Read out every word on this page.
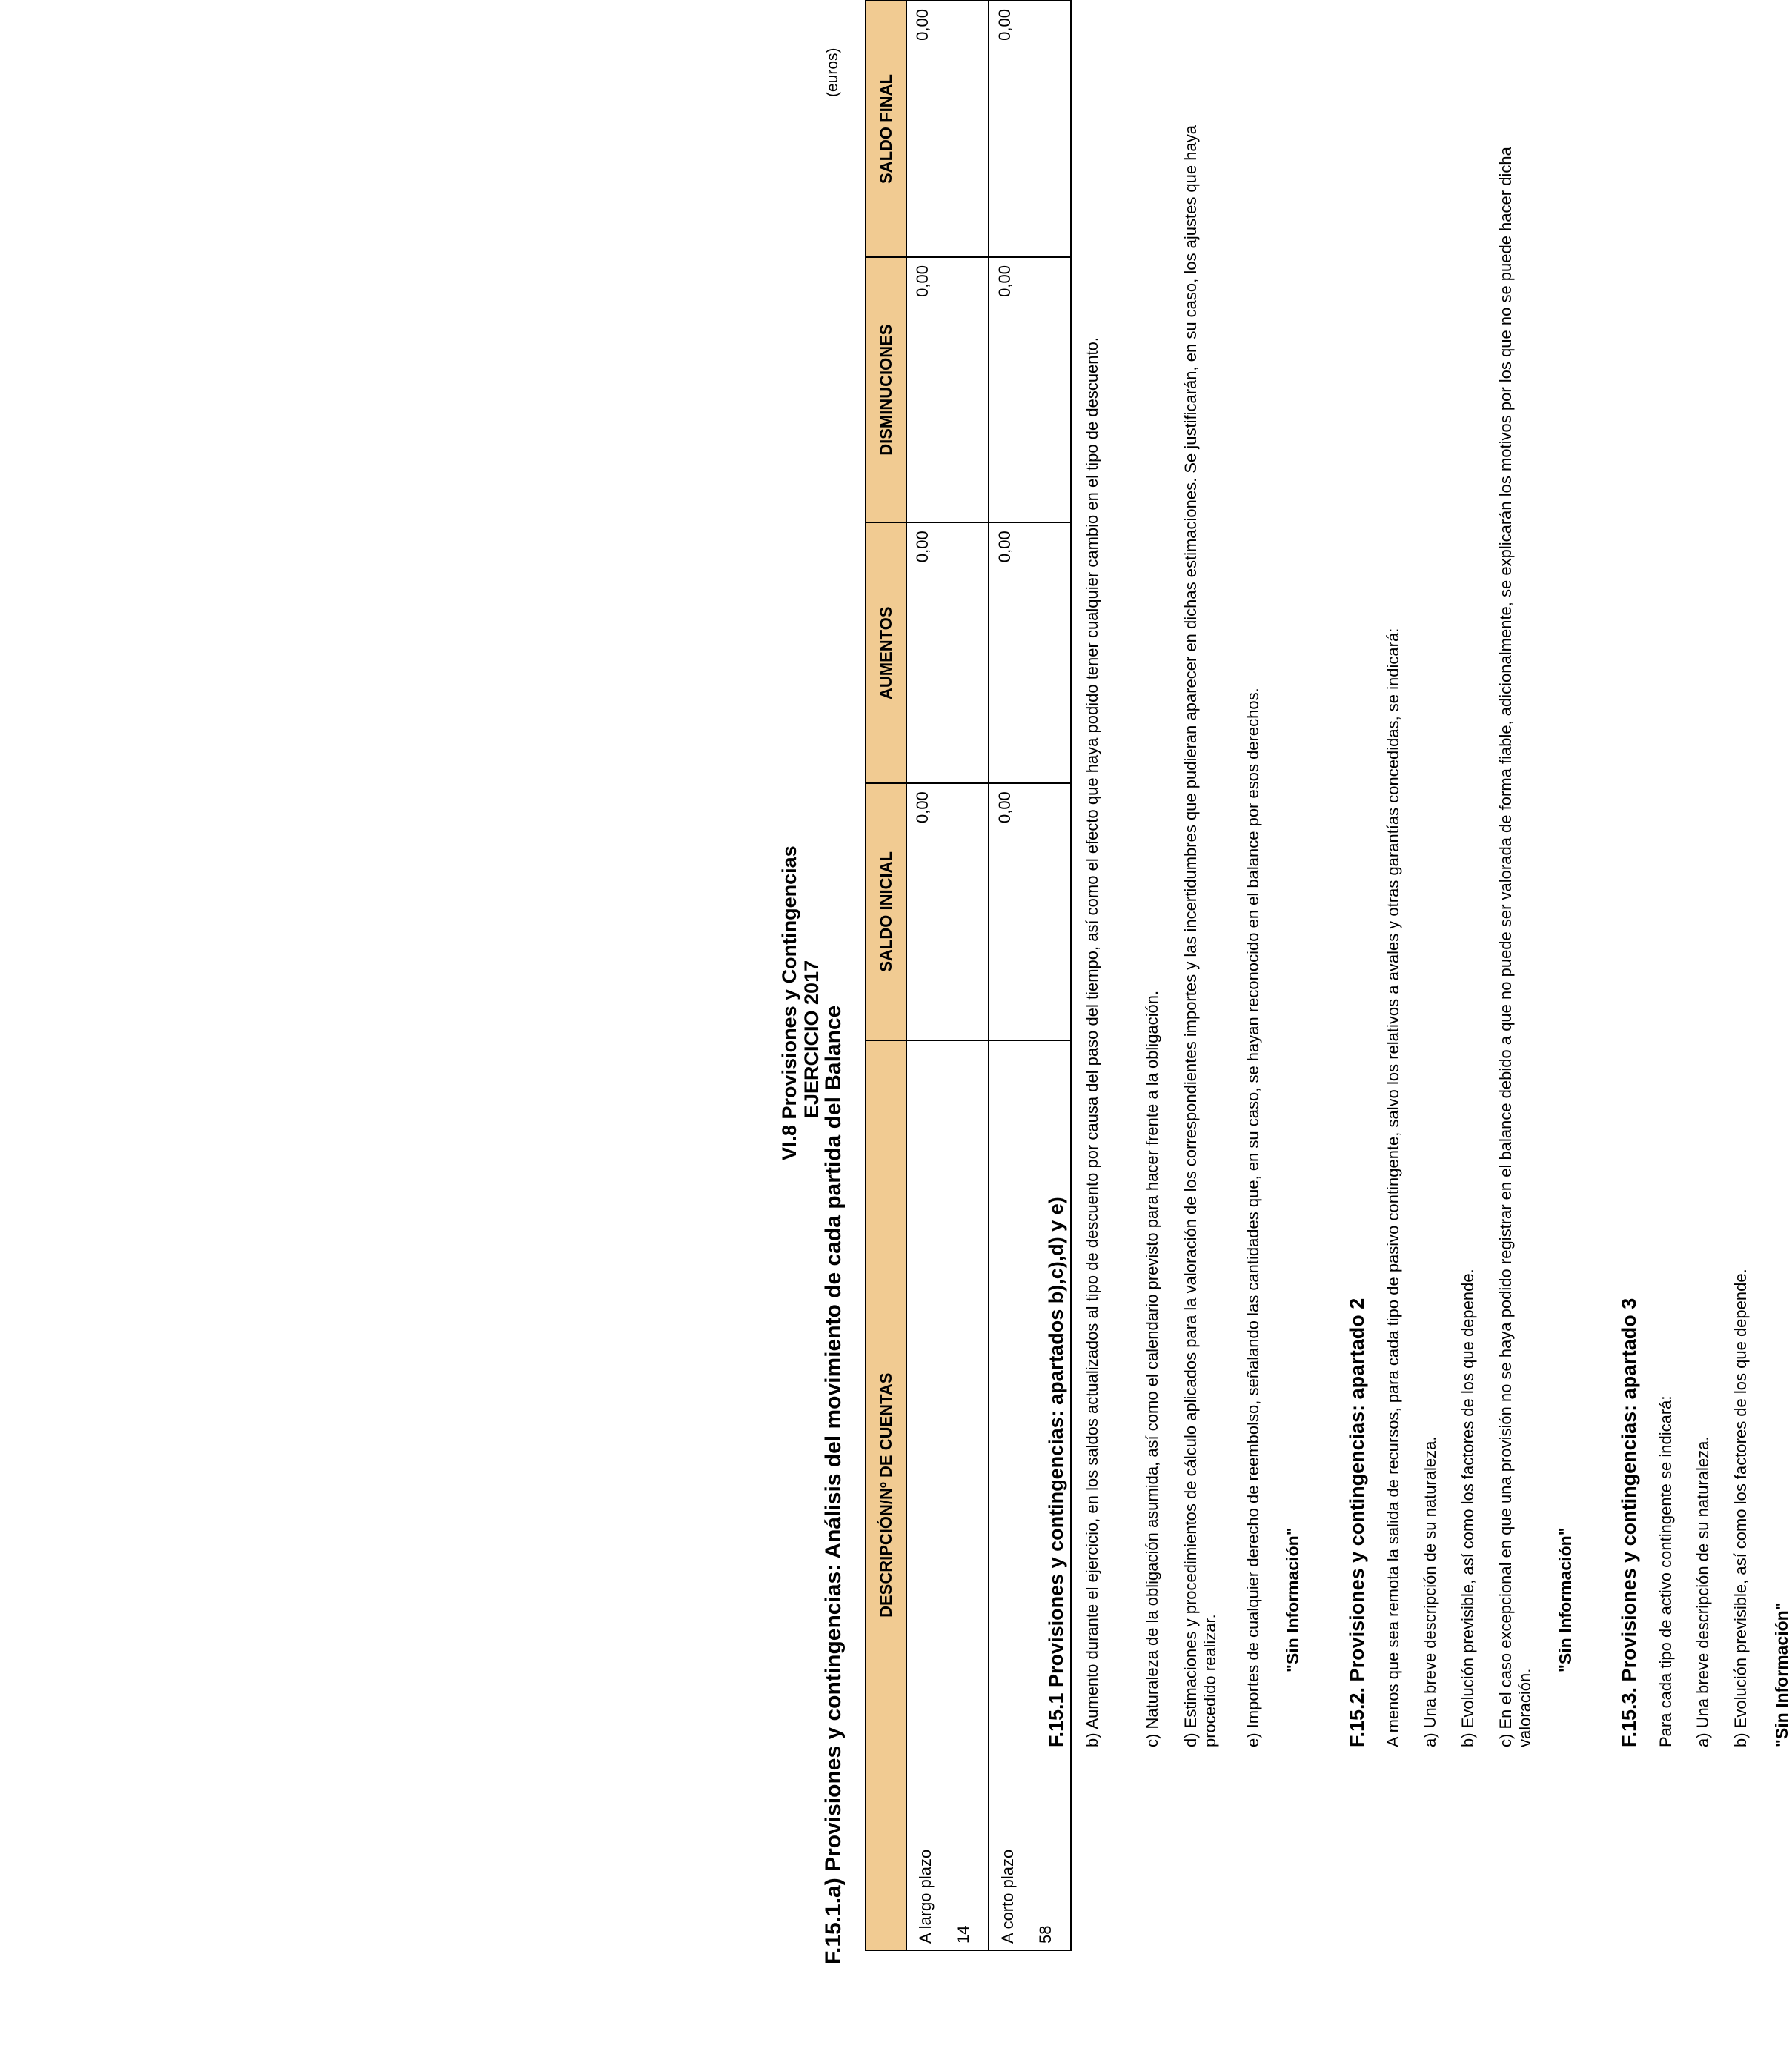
VI.8 Provisiones y Contingencias EJERCICIO 2017
F.15.1.a) Provisiones y contingencias: Análisis del movimiento de cada partida del Balance
(euros)
DESCRIPCIÓN/Nº DE CUENTAS	SALDO INICIAL	AUMENTOS	DISMINUCIONES	SALDO FINAL

A largo plazo 14	0,00	0,00	0,00	0,00

A corto plazo 58	0,00	0,00	0,00	0,00
F.15.1 Provisiones y contingencias: apartados b),c),d) y e) b) Aumento durante el ejercicio, en los saldos actualizados al tipo de descuento por causa del paso del tiempo, así como el efecto que haya podido tener cualquier cambio en el tipo de descuento.	c) Naturaleza de la obligación asumida, así como el calendario previsto para hacer frente a la obligación. d) Estimaciones y procedimientos de cálculo aplicados para la valoración de los correspondientes importes y las incertidumbres que pudieran aparecer en dichas estimaciones. Se justificarán, en su caso, los ajustes que haya procedido realizar. e) Importes de cualquier derecho de reembolso, señalando las cantidades que, en su caso, se hayan reconocido en el balance por esos derechos. "Sin Información" F.15.2. Provisiones y contingencias: apartado 2 A menos que sea remota la salida de recursos, para cada tipo de pasivo contingente, salvo los relativos a avales y otras garantías concedidas, se indicará: a) Una breve descripción de su naturaleza. b) Evolución previsible, así como los factores de los que depende. c) En el caso excepcional en que una provisión no se haya podido registrar en el balance debido a que no puede ser valorada de forma fiable, adicionalmente, se explicarán los motivos por los que no se puede hacer dicha valoración.
"Sin Información" F.15.3. Provisiones y contingencias: apartado 3 Para cada tipo de activo contingente se indicará: a) Una breve descripción de su naturaleza. b) Evolución previsible, así como los factores de los que depende. "Sin Información"
